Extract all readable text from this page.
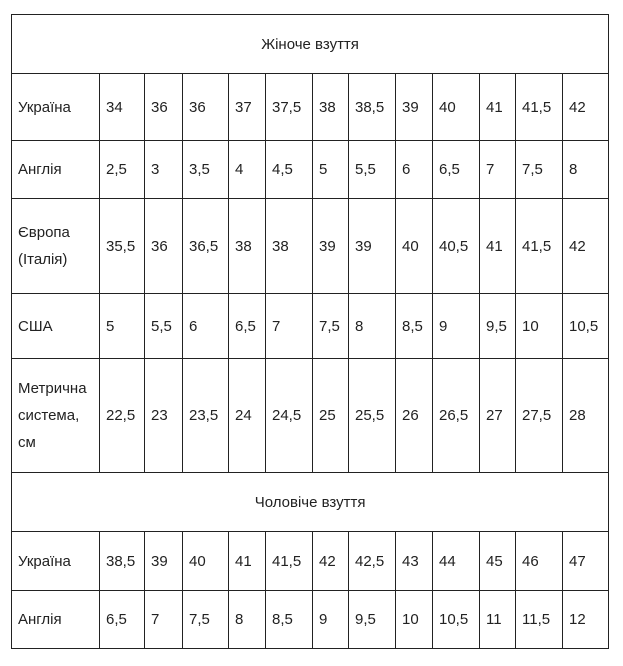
Жіноче взуття												
Україна	34	36	36	37	37,5	38	38,5	39	40	41	41,5	42
Англія	2,5	3	3,5	4	4,5	5	5,5	6	6,5	7	7,5	8
Європа (Італія)	35,5	36	36,5	38	38	39	39	40	40,5	41	41,5	42
США	5	5,5	6	6,5	7	7,5	8	8,5	9	9,5	10	10,5
Метрична система, см	22,5	23	23,5	24	24,5	25	25,5	26	26,5	27	27,5	28
Чоловіче взуття												
Україна	38,5	39	40	41	41,5	42	42,5	43	44	45	46	47
Англія	6,5	7	7,5	8	8,5	9	9,5	10	10,5	11	11,5	12
